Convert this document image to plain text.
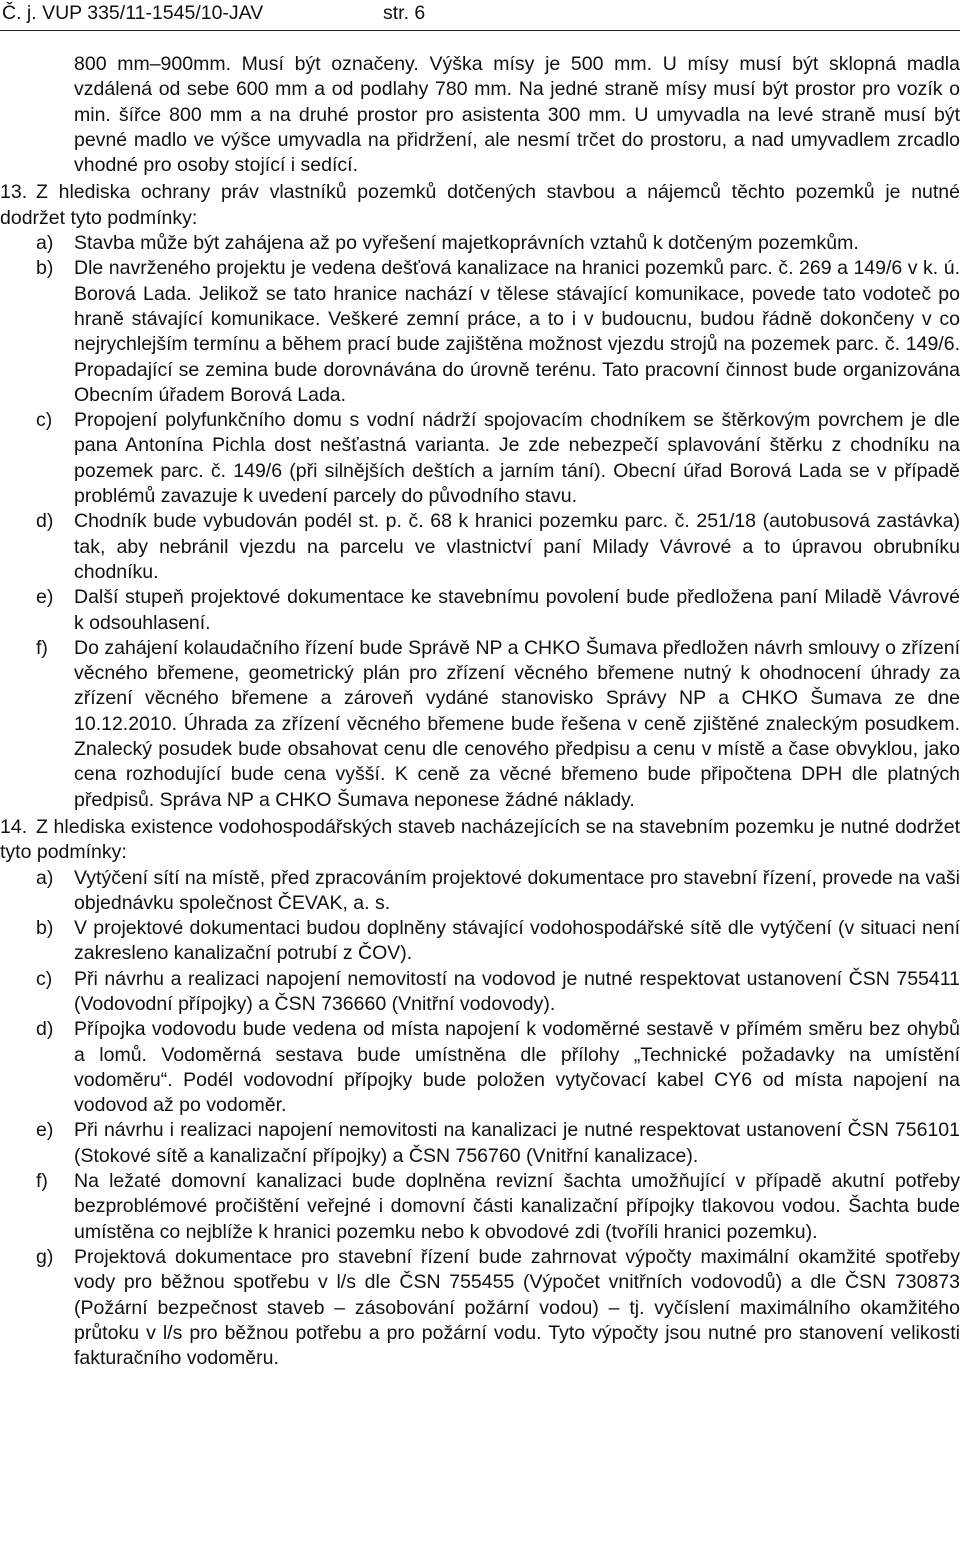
Č. j. VUP 335/11-1545/10-JAV	str. 6
800 mm–900mm. Musí být označeny. Výška mísy je 500 mm. U mísy musí být sklopná madla vzdálená od sebe 600 mm a od podlahy 780 mm. Na jedné straně mísy musí být prostor pro vozík o min. šířce 800 mm a na druhé prostor pro asistenta 300 mm. U umyvadla na levé straně musí být pevné madlo ve výšce umyvadla na přidržení, ale nesmí trčet do prostoru, a nad umyvadlem zrcadlo vhodné pro osoby stojící i sedící.
13. Z hlediska ochrany práv vlastníků pozemků dotčených stavbou a nájemců těchto pozemků je nutné dodržet tyto podmínky:
a) Stavba může být zahájena až po vyřešení majetkoprávních vztahů k dotčeným pozemkům.
b) Dle navrženého projektu je vedena dešťová kanalizace na hranici pozemků parc. č. 269 a 149/6 v k. ú. Borová Lada. Jelikož se tato hranice nachází v tělese stávající komunikace, povede tato vodoteč po hraně stávající komunikace. Veškeré zemní práce, a to i v budoucnu, budou řádně dokončeny v co nejrychlejším termínu a během prací bude zajištěna možnost vjezdu strojů na pozemek parc. č. 149/6. Propadající se zemina bude dorovnávána do úrovně terénu. Tato pracovní činnost bude organizována Obecním úřadem Borová Lada.
c) Propojení polyfunkčního domu s vodní nádrží spojovacím chodníkem se štěrkovým povrchem je dle pana Antonína Pichla dost nešťastná varianta. Je zde nebezpečí splavování štěrku z chodníku na pozemek parc. č. 149/6 (při silnějších deštích a jarním tání). Obecní úřad Borová Lada se v případě problémů zavazuje k uvedení parcely do původního stavu.
d) Chodník bude vybudován podél st. p. č. 68 k hranici pozemku parc. č. 251/18 (autobusová zastávka) tak, aby nebránil vjezdu na parcelu ve vlastnictví paní Milady Vávrové a to úpravou obrubníku chodníku.
e) Další stupeň projektové dokumentace ke stavebnímu povolení bude předložena paní Miladě Vávrové k odsouhlasení.
f) Do zahájení kolaudačního řízení bude Správě NP a CHKO Šumava předložen návrh smlouvy o zřízení věcného břemene, geometrický plán pro zřízení věcného břemene nutný k ohodnocení úhrady za zřízení věcného břemene a zároveň vydáné stanovisko Správy NP a CHKO Šumava ze dne 10.12.2010. Úhrada za zřízení věcného břemene bude řešena v ceně zjištěné znaleckým posudkem. Znalecký posudek bude obsahovat cenu dle cenového předpisu a cenu v místě a čase obvyklou, jako cena rozhodující bude cena vyšší. K ceně za věcné břemeno bude připočtena DPH dle platných předpisů. Správa NP a CHKO Šumava neponese žádné náklady.
14. Z hlediska existence vodohospodářských staveb nacházejících se na stavebním pozemku je nutné dodržet tyto podmínky:
a) Vytýčení sítí na místě, před zpracováním projektové dokumentace pro stavební řízení, provede na vaši objednávku společnost ČEVAK, a. s.
b) V projektové dokumentaci budou doplněny stávající vodohospodářské sítě dle vytýčení (v situaci není zakresleno kanalizační potrubí z ČOV).
c) Při návrhu a realizaci napojení nemovitostí na vodovod je nutné respektovat ustanovení ČSN 755411 (Vodovodní přípojky) a ČSN 736660 (Vnitřní vodovody).
d) Přípojka vodovodu bude vedena od místa napojení k vodoměrné sestavě v přímém směru bez ohybů a lomů. Vodoměrná sestava bude umístněna dle přílohy „Technické požadavky na umístění vodoměru“. Podél vodovodní přípojky bude položen vytyčovací kabel CY6 od místa napojení na vodovod až po vodoměr.
e) Při návrhu i realizaci napojení nemovitosti na kanalizaci je nutné respektovat ustanovení ČSN 756101 (Stokové sítě a kanalizační přípojky) a ČSN 756760 (Vnitřní kanalizace).
f) Na ležaté domovní kanalizaci bude doplněna revizní šachta umožňující v případě akutní potřeby bezproblémové pročištění veřejné i domovní části kanalizační přípojky tlakovou vodou. Šachta bude umístěna co nejblíže k hranici pozemku nebo k obvodové zdi (tvoříli hranici pozemku).
g) Projektová dokumentace pro stavební řízení bude zahrnovat výpočty maximální okamžité spotřeby vody pro běžnou spotřebu v l/s dle ČSN 755455 (Výpočet vnitřních vodovodů) a dle ČSN 730873 (Požární bezpečnost staveb – zásobování požární vodou) – tj. vyčíslení maximálního okamžitého průtoku v l/s pro běžnou potřebu a pro požární vodu. Tyto výpočty jsou nutné pro stanovení velikosti fakturačního vodoměru.
